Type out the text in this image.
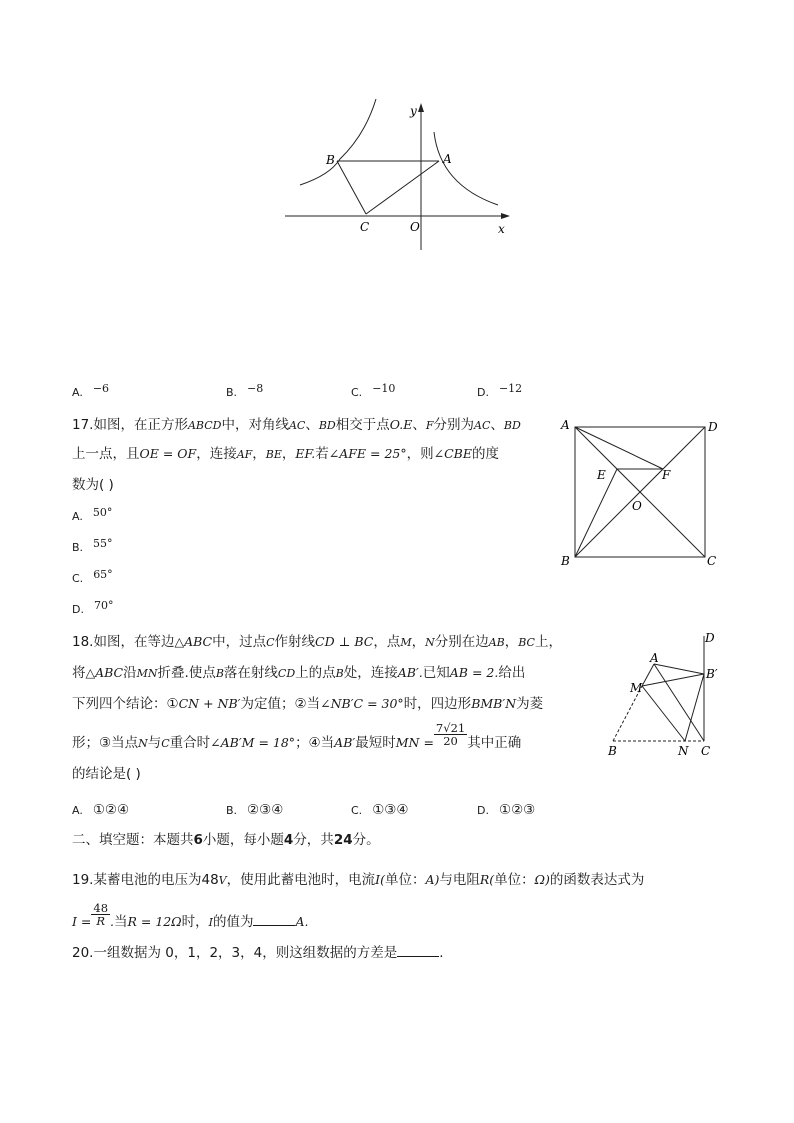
B	A
C	O	x
y
A. $^{-6}$	B. $^{-8}$	C. $^{-10}$	D. $^{-12}$
17.如图，在正方形ABCD中，对角线AC、BD相交于点O.E、F分别为AC、BD
上一点，且OE = OF，连接AF，BE，EF.若∠AFE = 25°，则∠CBE的度
数为( )
A. $^{50^\circ}$
B. $^{55^\circ}$
C. $^{65^\circ}$
D. $^{70^\circ}$
A	D
B	C
E	F
O
18.如图，在等边△ABC中，过点C作射线CD ⊥ BC，点M，N分别在边AB，BC上，
将△ABC沿MN折叠.使点B落在射线CD上的点B处，连接AB′.已知AB = 2.给出
下列四个结论：①CN + NB′为定值；②当∠NB′C = 30°时，四边形BMB′N为菱
形；③当点N与C重合时∠AB′M = 18°；④当AB′最短时MN = $\frac{7√21}{20}$ 其中正确
的结论是( )
A. ①②④	B. ②③④	C. ①③④	D. ①②③
D
A
B′
M
B	N C
二、填空题：本题共6小题，每小题4分，共24分。
19.某蓄电池的电压为48V，使用此蓄电池时，电流I(单位：A)与电阻R(单位：Ω)的函数表达式为
$I = \frac{48}{R}$ .当R = 12Ω时，I的值为	A.
20.一组数据为 0，1，2，3，4，则这组数据的方差是	.
